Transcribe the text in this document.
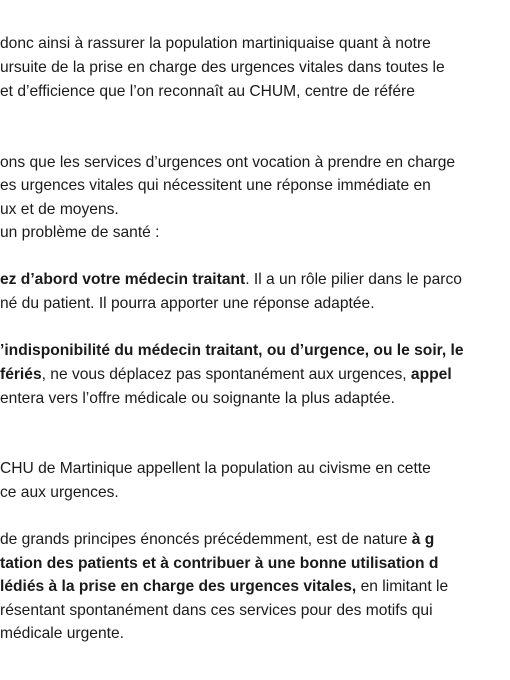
donc ainsi à rassurer la population martiniquaise quant à notre
ursuite de la prise en charge des urgences vitales dans toutes le
et d’efficience que l’on reconnaît au CHUM, centre de référe
ons que les services d’urgences ont vocation à prendre en charge
es urgences vitales qui nécessitent une réponse immédiate en
ux et de moyens.
un problème de santé :
ez d’abord votre médecin traitant. Il a un rôle pilier dans le parco
né du patient. Il pourra apporter une réponse adaptée.
’indisponibilité du médecin traitant, ou d’urgence, ou le soir, le
fériés, ne vous déplacez pas spontanément aux urgences, appel
entera vers l’offre médicale ou soignante la plus adaptée.
CHU de Martinique appellent la population au civisme en cette
ce aux urgences.
de grands principes énoncés précédemment, est de nature à g
tation des patients et à contribuer à une bonne utilisation d
lédiés à la prise en charge des urgences vitales, en limitant le
résentant spontanément dans ces services pour des motifs qui
médicale urgente.
